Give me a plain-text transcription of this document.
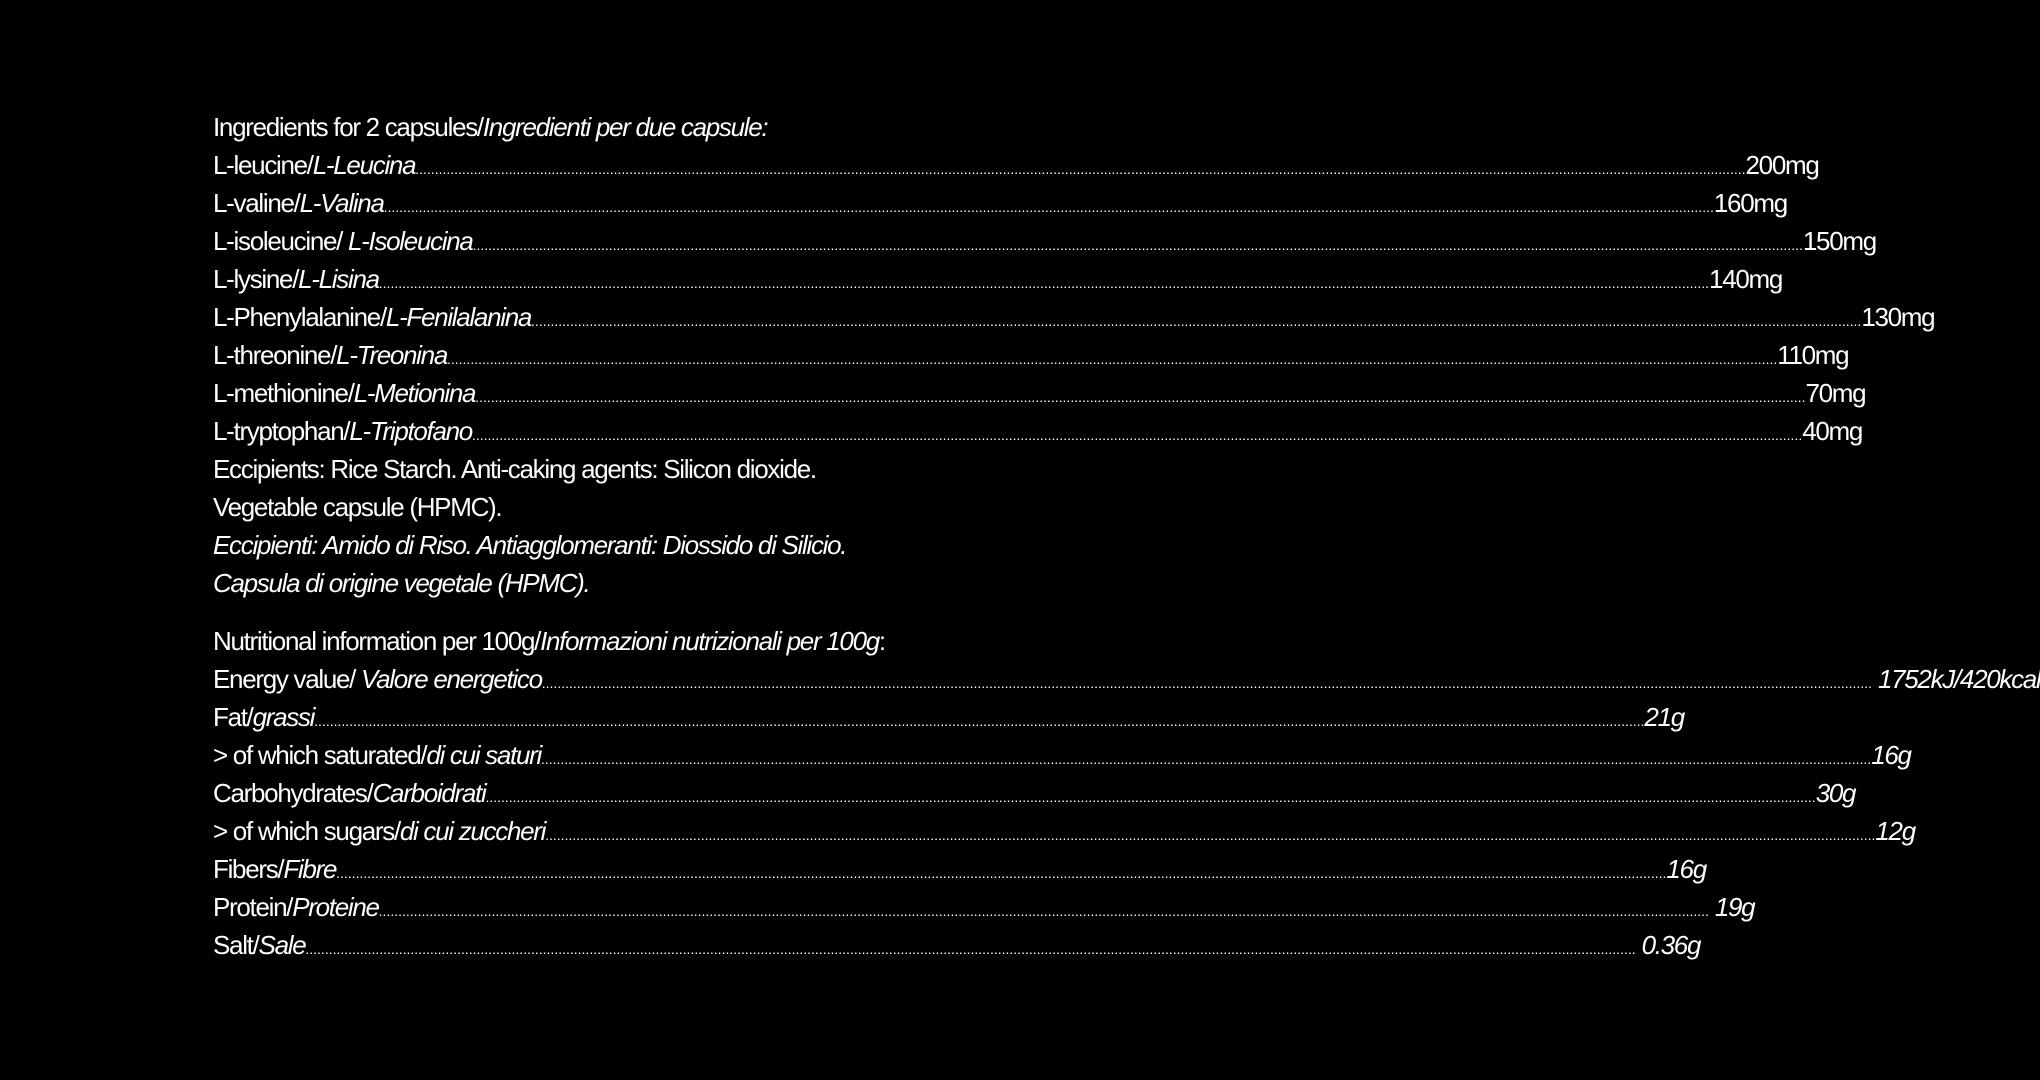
Ingredients for 2 capsules/Ingredienti per due capsule:
L-leucine/L-Leucina .....	200mg
L-valine/L-Valina .....	160mg
L-isoleucine/ L-Isoleucina .....	150mg
L-lysine/L-Lisina .....	140mg
L-Phenylalanine/L-Fenilalanina .....	130mg
L-threonine/L-Treonina .....	110mg
L-methionine/L-Metionina .....	70mg
L-tryptophan/L-Triptofano .....	40mg
Eccipients: Rice Starch. Anti-caking agents: Silicon dioxide.
Vegetable capsule (HPMC).
Eccipienti: Amido di Riso. Antiagglomeranti: Diossido di Silicio.
Capsula di origine vegetale (HPMC).
Nutritional information per 100g/Informazioni nutrizionali per 100g:
Energy value/ Valore energetico .....	1752kJ/420kcal
Fat/grassi .....	21g
> of which saturated/di cui saturi .....	16g
Carbohydrates/Carboidrati .....	30g
> of which sugars/di cui zuccheri .....	12g
Fibers/Fibre .....	16g
Protein/Proteine .....	19g
Salt/Sale .....	0.36g
